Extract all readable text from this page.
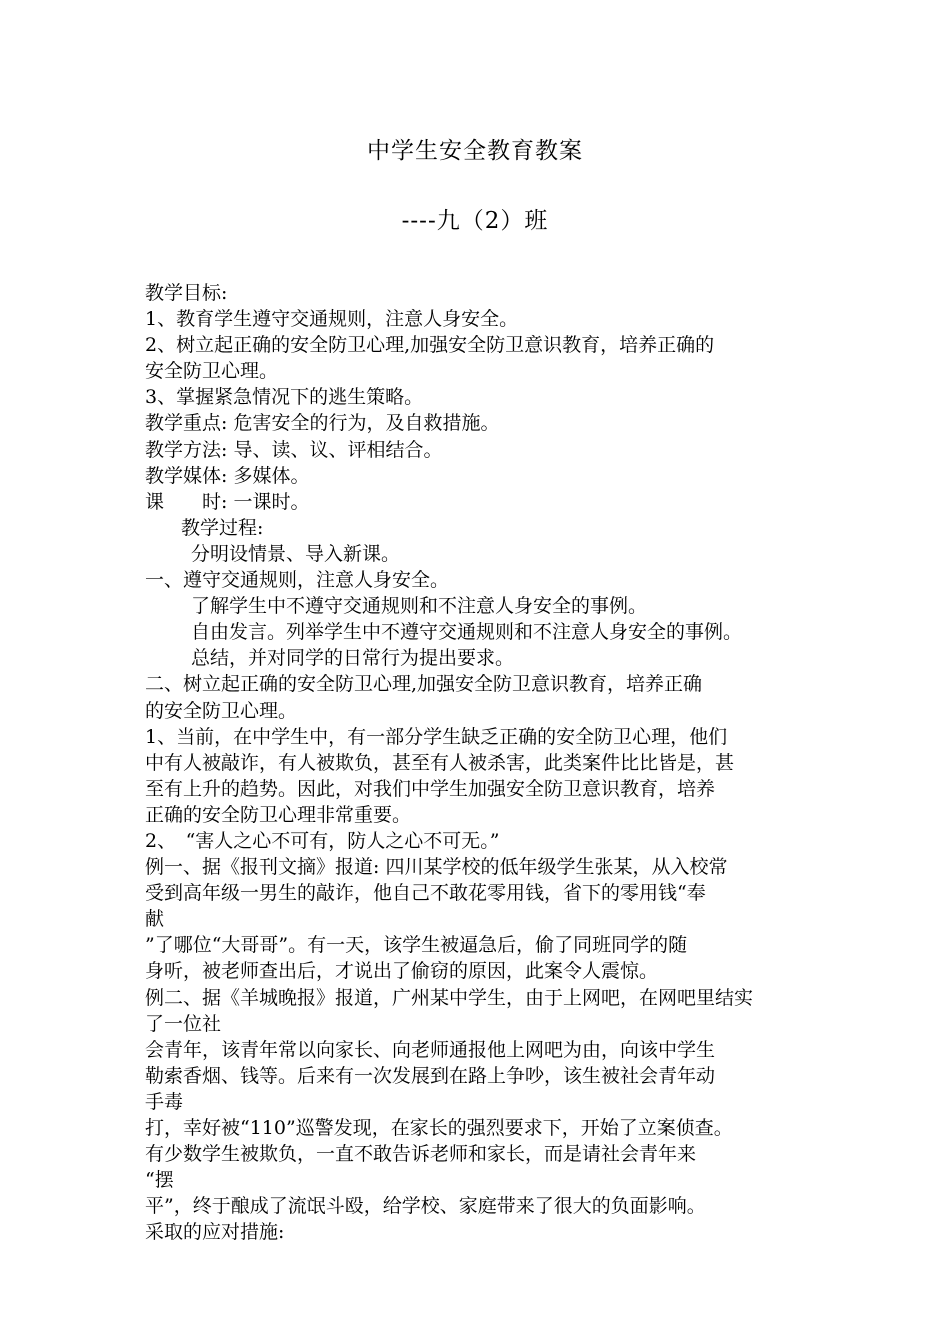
中学生安全教育教案
----九（2）班
教学目标:
1、教育学生遵守交通规则，注意人身安全。
2、树立起正确的安全防卫心理,加强安全防卫意识教育，培养正确的
安全防卫心理。
3、掌握紧急情况下的逃生策略。
教学重点: 危害安全的行为，及自救措施。
教学方法: 导、读、议、评相结合。
教学媒体: 多媒体。
课　　时: 一课时。
教学过程:
分明设情景、导入新课。
一、遵守交通规则，注意人身安全。
了解学生中不遵守交通规则和不注意人身安全的事例。
自由发言。列举学生中不遵守交通规则和不注意人身安全的事例。
总结，并对同学的日常行为提出要求。
二、树立起正确的安全防卫心理,加强安全防卫意识教育，培养正确
的安全防卫心理。
1、当前，在中学生中，有一部分学生缺乏正确的安全防卫心理，他们
中有人被敲诈，有人被欺负，甚至有人被杀害，此类案件比比皆是，甚
至有上升的趋势。因此，对我们中学生加强安全防卫意识教育，培养
正确的安全防卫心理非常重要。
2、　“害人之心不可有，防人之心不可无。”
例一、据《报刊文摘》报道: 四川某学校的低年级学生张某，从入校常
受到高年级一男生的敲诈，他自己不敢花零用钱，省下的零用钱“奉
献
”了哪位“大哥哥”。有一天，该学生被逼急后，偷了同班同学的随
身听，被老师查出后，才说出了偷窃的原因，此案令人震惊。
例二、据《羊城晚报》报道，广州某中学生，由于上网吧，在网吧里结实
了一位社
会青年，该青年常以向家长、向老师通报他上网吧为由，向该中学生
勒索香烟、钱等。后来有一次发展到在路上争吵，该生被社会青年动
手毒
打，幸好被“110”巡警发现，在家长的强烈要求下，开始了立案侦查。
有少数学生被欺负，一直不敢告诉老师和家长，而是请社会青年来
“摆
平”，终于酿成了流氓斗殴，给学校、家庭带来了很大的负面影响。
采取的应对措施:
